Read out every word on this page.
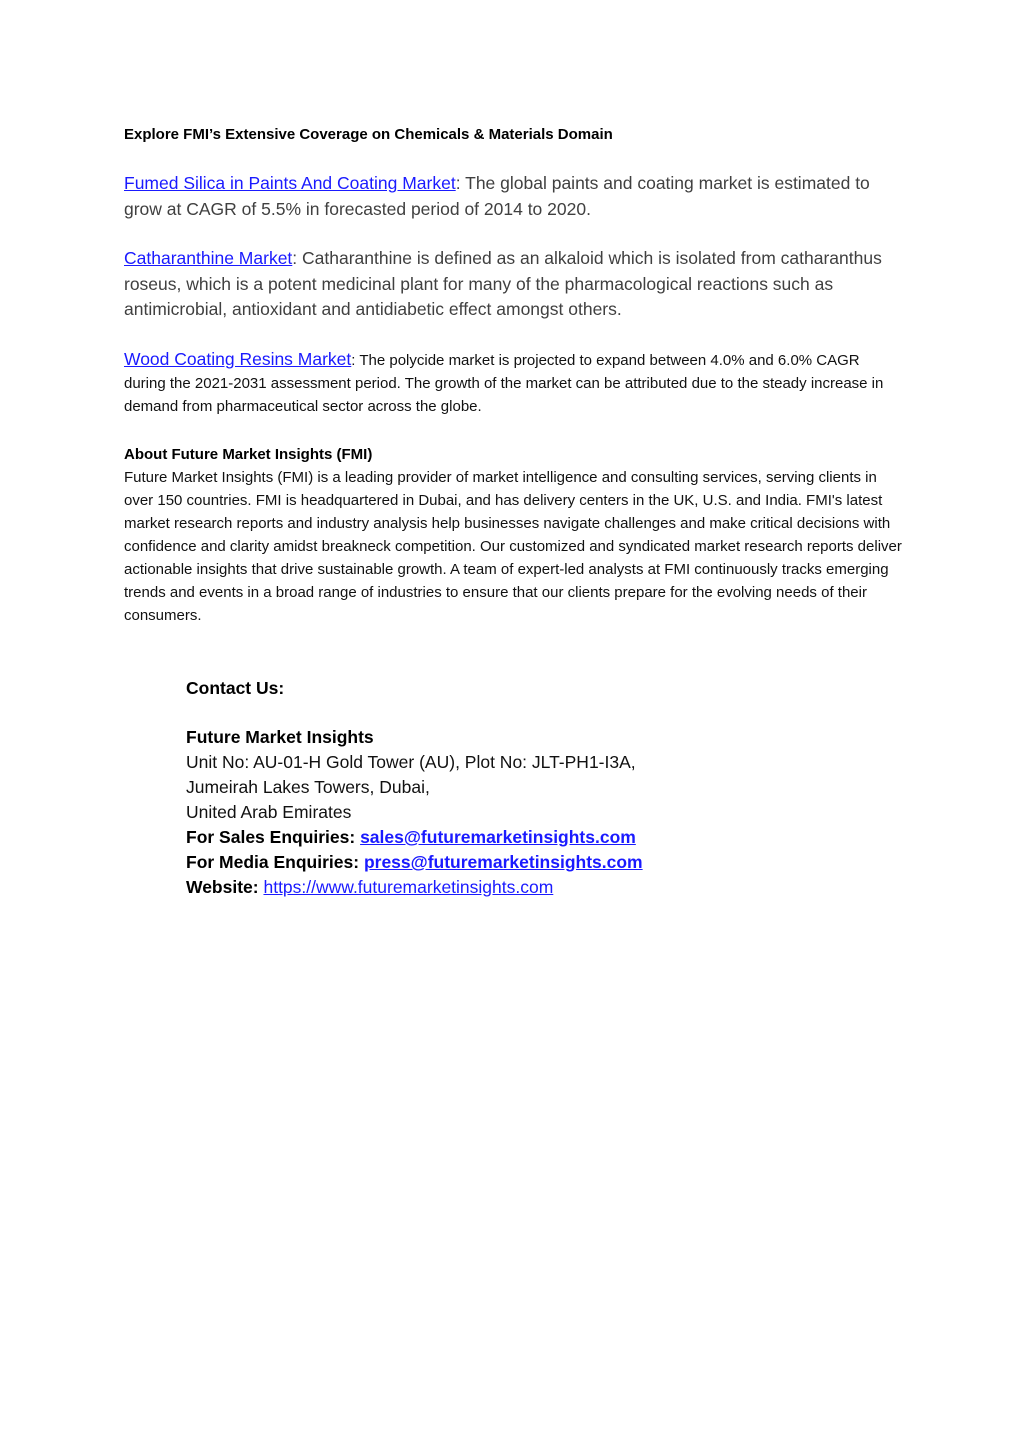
Explore FMI’s Extensive Coverage on Chemicals & Materials Domain
Fumed Silica in Paints And Coating Market: The global paints and coating market is estimated to grow at CAGR of 5.5% in forecasted period of 2014 to 2020.
Catharanthine Market: Catharanthine is defined as an alkaloid which is isolated from catharanthus roseus, which is a potent medicinal plant for many of the pharmacological reactions such as antimicrobial, antioxidant and antidiabetic effect amongst others.
Wood Coating Resins Market: The polycide market is projected to expand between 4.0% and 6.0% CAGR during the 2021-2031 assessment period. The growth of the market can be attributed due to the steady increase in demand from pharmaceutical sector across the globe.
About Future Market Insights (FMI)
Future Market Insights (FMI) is a leading provider of market intelligence and consulting services, serving clients in over 150 countries. FMI is headquartered in Dubai, and has delivery centers in the UK, U.S. and India. FMI's latest market research reports and industry analysis help businesses navigate challenges and make critical decisions with confidence and clarity amidst breakneck competition. Our customized and syndicated market research reports deliver actionable insights that drive sustainable growth. A team of expert-led analysts at FMI continuously tracks emerging trends and events in a broad range of industries to ensure that our clients prepare for the evolving needs of their consumers.
Contact Us:
Future Market Insights
Unit No: AU-01-H Gold Tower (AU), Plot No: JLT-PH1-I3A,
Jumeirah Lakes Towers, Dubai,
United Arab Emirates
For Sales Enquiries: sales@futuremarketinsights.com
For Media Enquiries: press@futuremarketinsights.com
Website: https://www.futuremarketinsights.com
